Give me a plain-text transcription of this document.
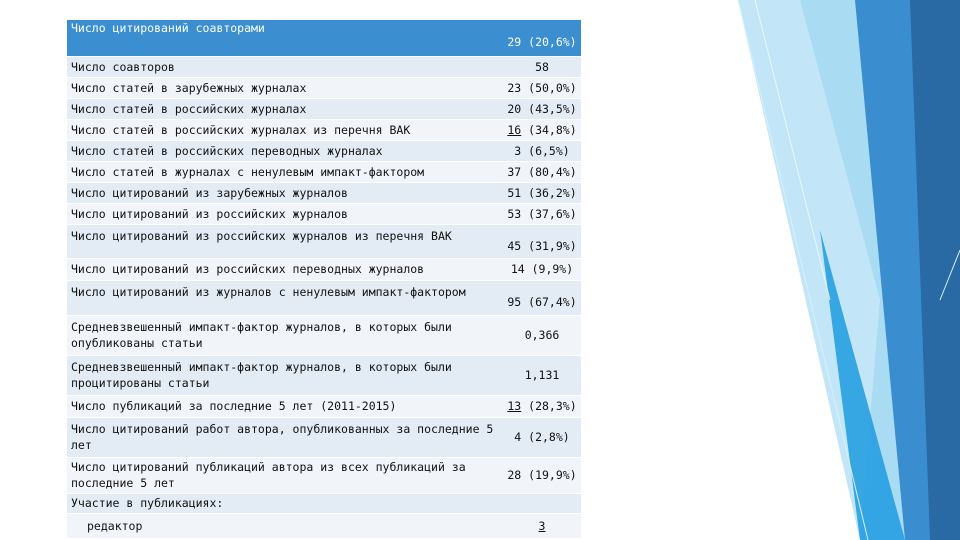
Число цитирований соавторами	29 (20,6%)
Число соавторов	58
Число статей в зарубежных журналах	23 (50,0%)
Число статей в российских журналах	20 (43,5%)
Число статей в российских журналах из перечня ВАК	16 (34,8%)
Число статей в российских переводных журналах	3 (6,5%)
Число статей в журналах с ненулевым импакт-фактором	37 (80,4%)
Число цитирований из зарубежных журналов	51 (36,2%)
Число цитирований из российских журналов	53 (37,6%)
Число цитирований из российских журналов из перечня ВАК	45 (31,9%)
Число цитирований из российских переводных журналов	14 (9,9%)
Число цитирований из журналов с ненулевым импакт-фактором	95 (67,4%)
Средневзвешенный импакт-фактор журналов, в которых были опубликованы статьи	0,366
Средневзвешенный импакт-фактор журналов, в которых были процитированы статьи	1,131
Число публикаций за последние 5 лет (2011-2015)	13 (28,3%)
Число цитирований работ автора, опубликованных за последние 5 лет	4 (2,8%)
Число цитирований публикаций автора из всех публикаций за последние 5 лет	28 (19,9%)
Участие в публикациях:	
редактор	3
